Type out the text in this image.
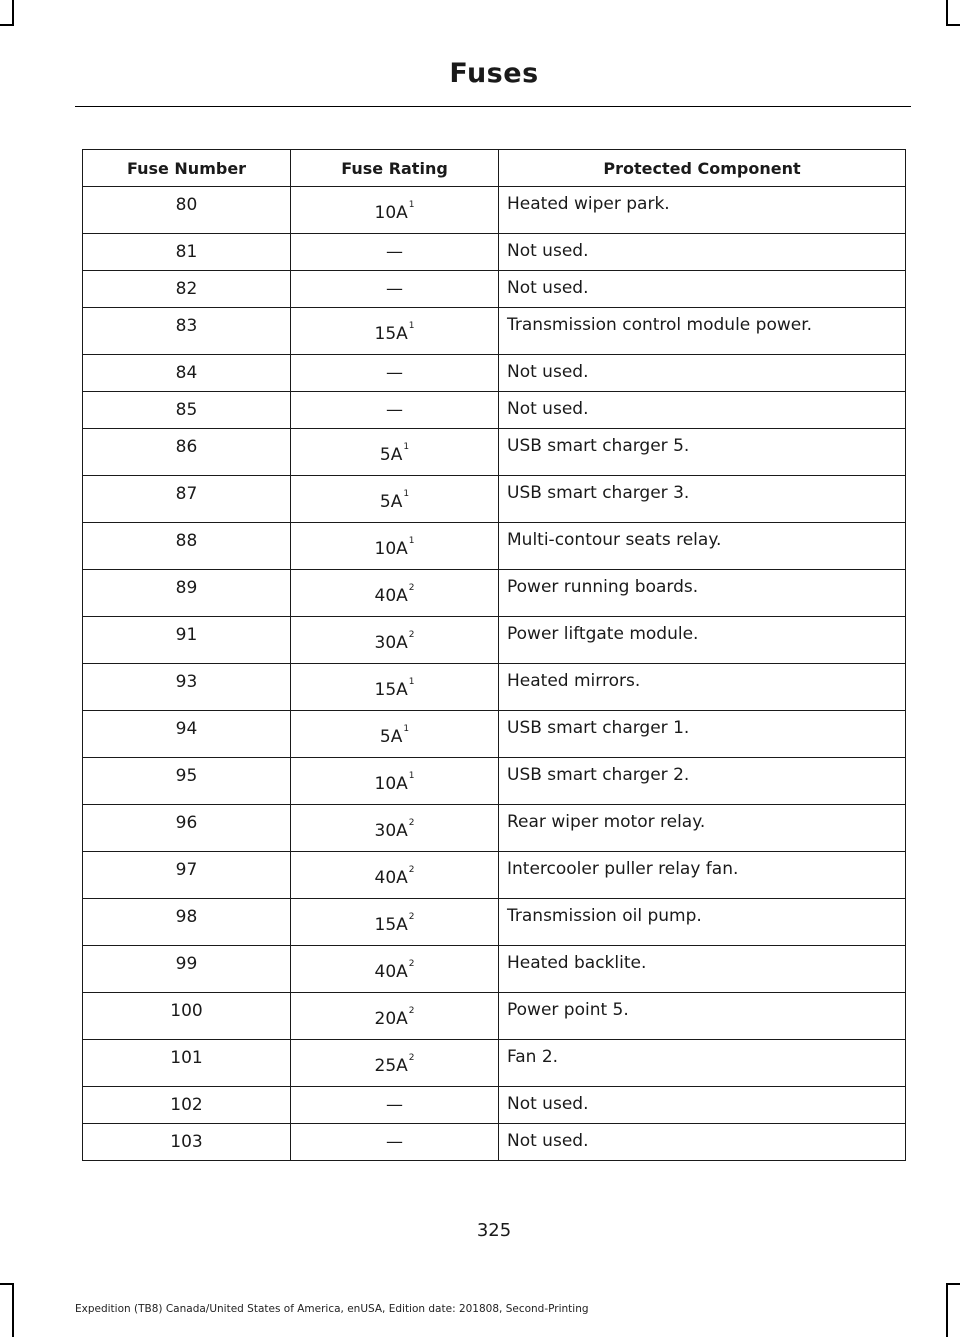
Fuses
Fuse Number	Fuse Rating	Protected Component
80	10A$^1$	Heated wiper park.
81	—	Not used.
82	—	Not used.
83	15A$^1$	Transmission control module power.
84	—	Not used.
85	—	Not used.
86	5A$^1$	USB smart charger 5.
87	5A$^1$	USB smart charger 3.
88	10A$^1$	Multi-contour seats relay.
89	40A$^2$	Power running boards.
91	30A$^2$	Power liftgate module.
93	15A$^1$	Heated mirrors.
94	5A$^1$	USB smart charger 1.
95	10A$^1$	USB smart charger 2.
96	30A$^2$	Rear wiper motor relay.
97	40A$^2$	Intercooler puller relay fan.
98	15A$^2$	Transmission oil pump.
99	40A$^2$	Heated backlite.
100	20A$^2$	Power point 5.
101	25A$^2$	Fan 2.
102	—	Not used.
103	—	Not used.
325
Expedition (TB8) Canada/United States of America, enUSA, Edition date: 201808, Second-Printing
